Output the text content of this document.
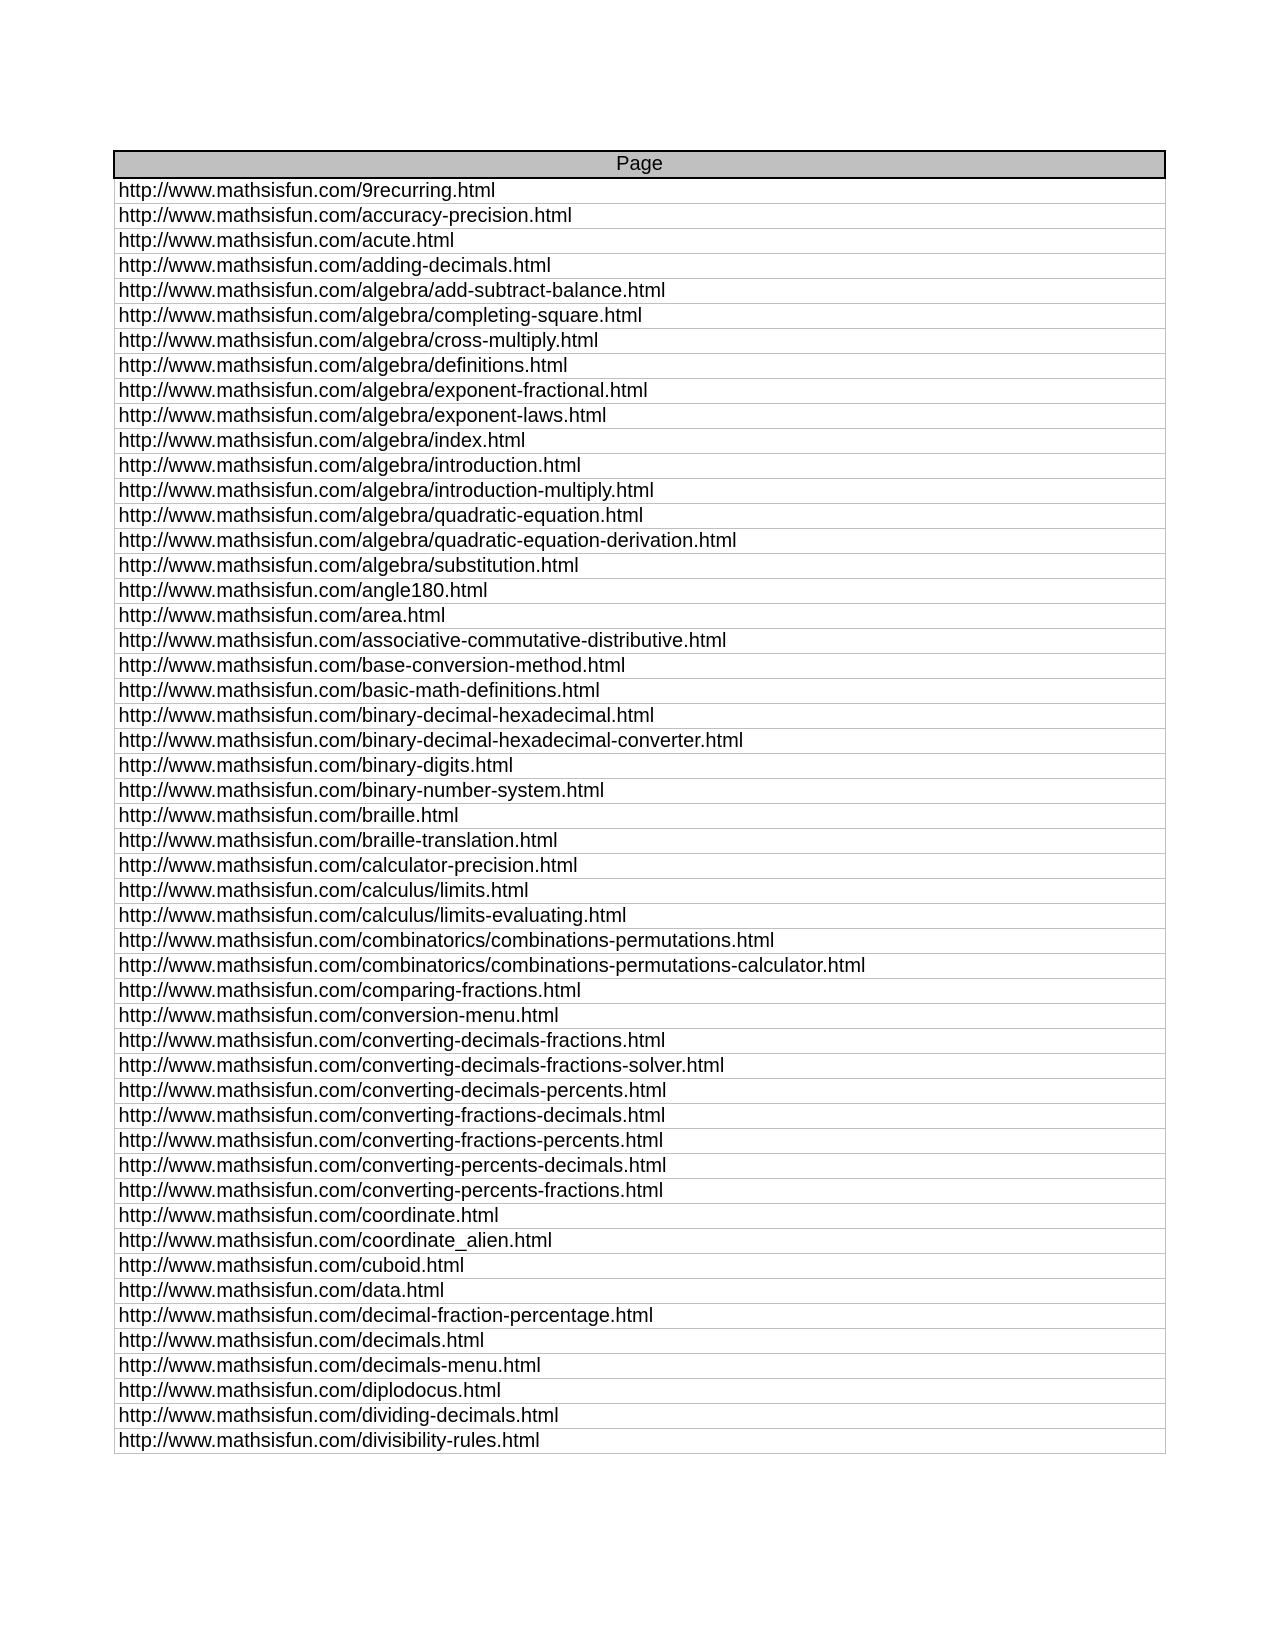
Page
http://www.mathsisfun.com/9recurring.html
http://www.mathsisfun.com/accuracy-precision.html
http://www.mathsisfun.com/acute.html
http://www.mathsisfun.com/adding-decimals.html
http://www.mathsisfun.com/algebra/add-subtract-balance.html
http://www.mathsisfun.com/algebra/completing-square.html
http://www.mathsisfun.com/algebra/cross-multiply.html
http://www.mathsisfun.com/algebra/definitions.html
http://www.mathsisfun.com/algebra/exponent-fractional.html
http://www.mathsisfun.com/algebra/exponent-laws.html
http://www.mathsisfun.com/algebra/index.html
http://www.mathsisfun.com/algebra/introduction.html
http://www.mathsisfun.com/algebra/introduction-multiply.html
http://www.mathsisfun.com/algebra/quadratic-equation.html
http://www.mathsisfun.com/algebra/quadratic-equation-derivation.html
http://www.mathsisfun.com/algebra/substitution.html
http://www.mathsisfun.com/angle180.html
http://www.mathsisfun.com/area.html
http://www.mathsisfun.com/associative-commutative-distributive.html
http://www.mathsisfun.com/base-conversion-method.html
http://www.mathsisfun.com/basic-math-definitions.html
http://www.mathsisfun.com/binary-decimal-hexadecimal.html
http://www.mathsisfun.com/binary-decimal-hexadecimal-converter.html
http://www.mathsisfun.com/binary-digits.html
http://www.mathsisfun.com/binary-number-system.html
http://www.mathsisfun.com/braille.html
http://www.mathsisfun.com/braille-translation.html
http://www.mathsisfun.com/calculator-precision.html
http://www.mathsisfun.com/calculus/limits.html
http://www.mathsisfun.com/calculus/limits-evaluating.html
http://www.mathsisfun.com/combinatorics/combinations-permutations.html
http://www.mathsisfun.com/combinatorics/combinations-permutations-calculator.html
http://www.mathsisfun.com/comparing-fractions.html
http://www.mathsisfun.com/conversion-menu.html
http://www.mathsisfun.com/converting-decimals-fractions.html
http://www.mathsisfun.com/converting-decimals-fractions-solver.html
http://www.mathsisfun.com/converting-decimals-percents.html
http://www.mathsisfun.com/converting-fractions-decimals.html
http://www.mathsisfun.com/converting-fractions-percents.html
http://www.mathsisfun.com/converting-percents-decimals.html
http://www.mathsisfun.com/converting-percents-fractions.html
http://www.mathsisfun.com/coordinate.html
http://www.mathsisfun.com/coordinate_alien.html
http://www.mathsisfun.com/cuboid.html
http://www.mathsisfun.com/data.html
http://www.mathsisfun.com/decimal-fraction-percentage.html
http://www.mathsisfun.com/decimals.html
http://www.mathsisfun.com/decimals-menu.html
http://www.mathsisfun.com/diplodocus.html
http://www.mathsisfun.com/dividing-decimals.html
http://www.mathsisfun.com/divisibility-rules.html
